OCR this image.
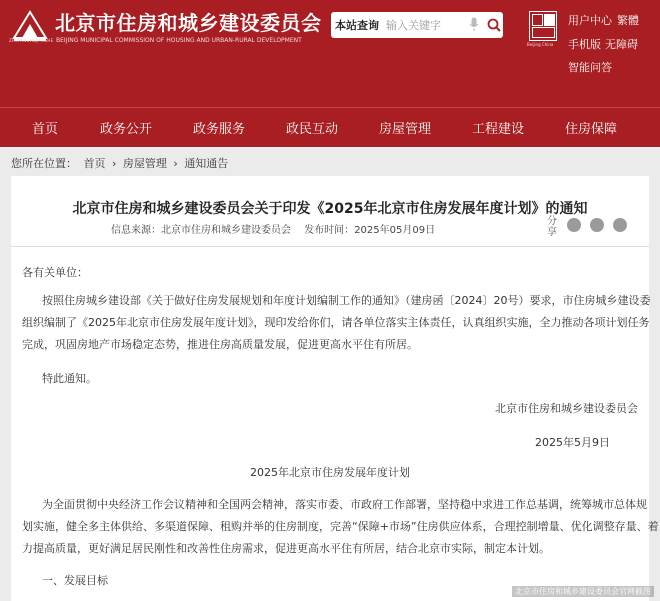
ZHUFANGHEJIANSHE
北京市住房和城乡建设委员会
BEIJING MUNICIPAL COMMISSION OF HOUSING AND URBAN-RURAL DEVELOPMENT
本站查询
输入关键字
Beijing China
用户中心 繁體
手机版 无障碍
智能问答
首页	政务公开	政务服务	政民互动	房屋管理	工程建设	住房保障
您所在位置： 首页 › 房屋管理 › 通知通告
北京市住房和城乡建设委员会关于印发《2025年北京市住房发展年度计划》的通知
信息来源：北京市住房和城乡建设委员会 发布时间：2025年05月09日
分享
各有关单位：
按照住房城乡建设部《关于做好住房发展规划和年度计划编制工作的通知》（建房函〔2024〕20号）要求，市住房城乡建设委
组织编制了《2025年北京市住房发展年度计划》，现印发给你们，请各单位落实主体责任，认真组织实施，全力推动各项计划任务
完成，巩固房地产市场稳定态势，推进住房高质量发展，促进更高水平住有所居。
特此通知。
北京市住房和城乡建设委员会
2025年5月9日
2025年北京市住房发展年度计划
为全面贯彻中央经济工作会议精神和全国两会精神，落实市委、市政府工作部署，坚持稳中求进工作总基调，统筹城市总体规
划实施，健全多主体供给、多渠道保障、租购并举的住房制度，完善“保障+市场”住房供应体系，合理控制增量、优化调整存量、着
力提高质量，更好满足居民刚性和改善性住房需求，促进更高水平住有所居，结合北京市实际，制定本计划。
一、发展目标
北京市住房和城乡建设委员会官网截图
